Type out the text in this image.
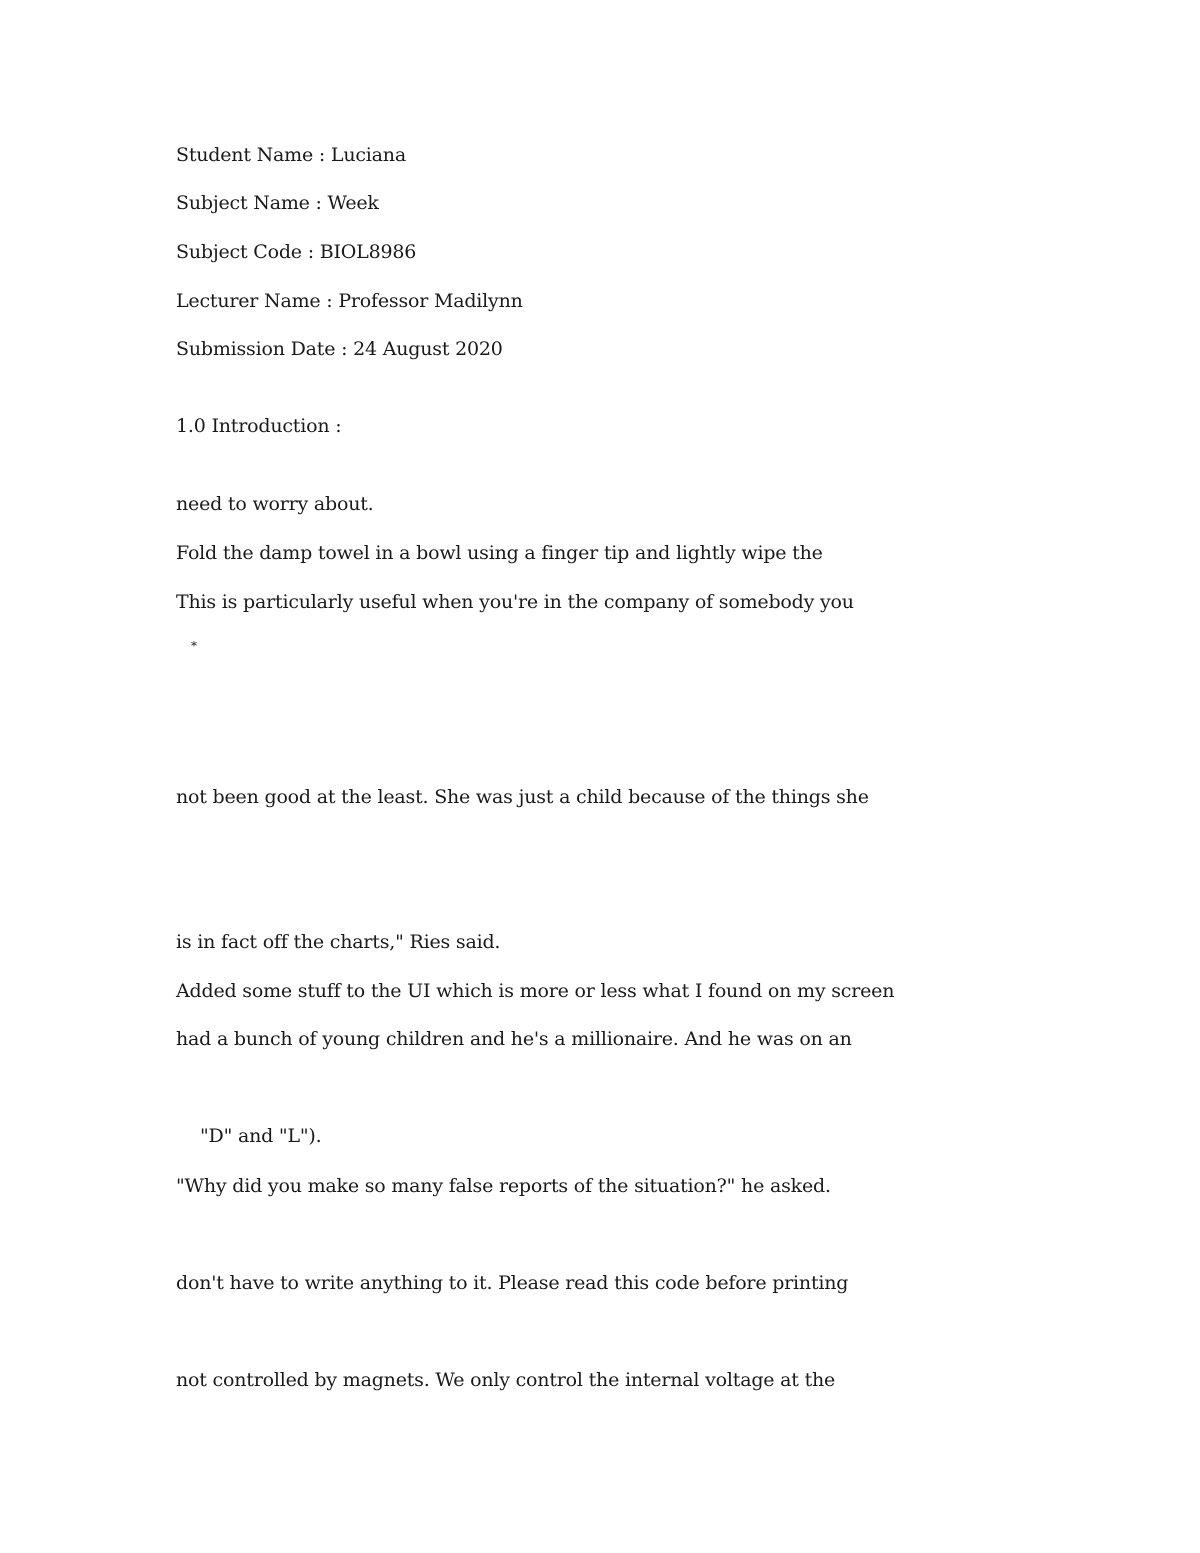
Student Name : Luciana
Subject Name : Week
Subject Code : BIOL8986
Lecturer Name : Professor Madilynn
Submission Date : 24 August 2020
1.0 Introduction :
need to worry about.
Fold the damp towel in a bowl using a finger tip and lightly wipe the
This is particularly useful when you're in the company of somebody you
*
not been good at the least. She was just a child because of the things she
is in fact off the charts," Ries said.
Added some stuff to the UI which is more or less what I found on my screen
had a bunch of young children and he's a millionaire. And he was on an
"D" and "L").
"Why did you make so many false reports of the situation?" he asked.
don't have to write anything to it. Please read this code before printing
not controlled by magnets. We only control the internal voltage at the
